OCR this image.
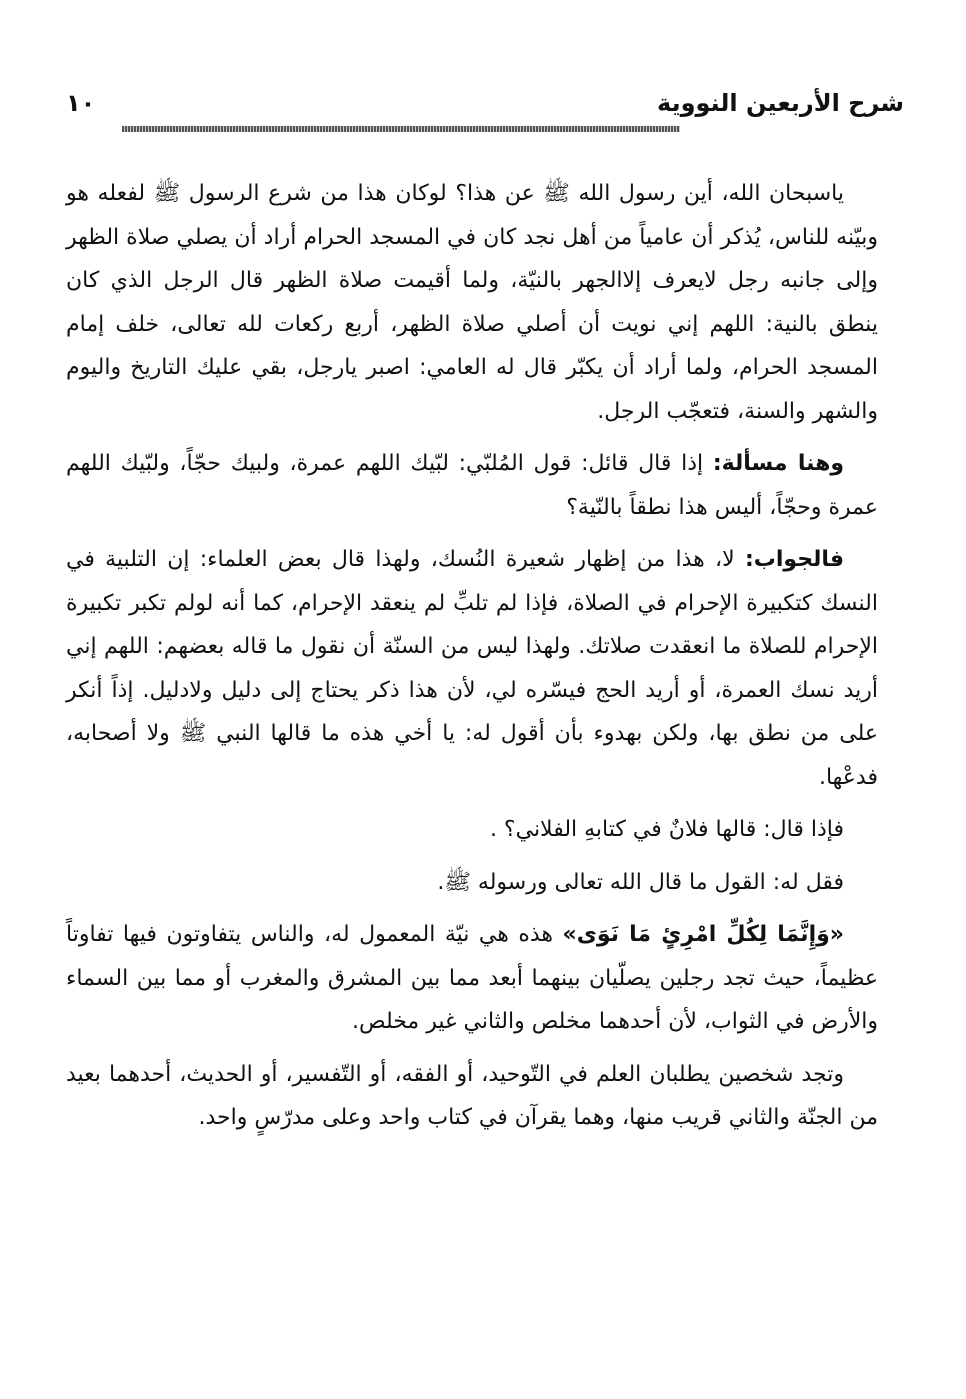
شرح الأربعين النووية
١٠

ياسبحان الله، أين رسول الله ﷺ عن هذا؟ لوكان هذا من شرع الرسول ﷺ لفعله هو وبيّنه للناس، يُذكر أن عامياً من أهل نجد كان في المسجد الحرام أراد أن يصلي صلاة الظهر وإلى جانبه رجل لايعرف إلاالجهر بالنيّة، ولما أقيمت صلاة الظهر قال الرجل الذي كان ينطق بالنية: اللهم إني نويت أن أصلي صلاة الظهر، أربع ركعات لله تعالى، خلف إمام المسجد الحرام، ولما أراد أن يكبّر قال له العامي: اصبر يارجل، بقي عليك التاريخ واليوم والشهر والسنة، فتعجّب الرجل.

وهنا مسألة: إذا قال قائل: قول المُلبّي: لبّيك اللهم عمرة، ولبيك حجّاً، ولبّيك اللهم عمرة وحجّاً، أليس هذا نطقاً بالنّية؟

فالجواب: لا، هذا من إظهار شعيرة النُسك، ولهذا قال بعض العلماء: إن التلبية في النسك كتكبيرة الإحرام في الصلاة، فإذا لم تلبِّ لم ينعقد الإحرام، كما أنه لولم تكبر تكبيرة الإحرام للصلاة ما انعقدت صلاتك. ولهذا ليس من السنّة أن نقول ما قاله بعضهم: اللهم إني أريد نسك العمرة، أو أريد الحج فيسّره لي، لأن هذا ذكر يحتاج إلى دليل ولادليل. إذاً أنكر على من نطق بها، ولكن بهدوء بأن أقول له: يا أخي هذه ما قالها النبي ﷺ ولا أصحابه، فدعْها.

فإذا قال: قالها فلانٌ في كتابهِ الفلاني؟ .

فقل له: القول ما قال الله تعالى ورسوله ﷺ.

«وَإِنَّمَا لِكُلِّ امْرِئٍ مَا نَوَى» هذه هي نيّة المعمول له، والناس يتفاوتون فيها تفاوتاً عظيماً، حيث تجد رجلين يصلّيان بينهما أبعد مما بين المشرق والمغرب أو مما بين السماء والأرض في الثواب، لأن أحدهما مخلص والثاني غير مخلص.

وتجد شخصين يطلبان العلم في التّوحيد، أو الفقه، أو التّفسير، أو الحديث، أحدهما بعيد من الجنّة والثاني قريب منها، وهما يقرآن في كتاب واحد وعلى مدرّسٍ واحد.
